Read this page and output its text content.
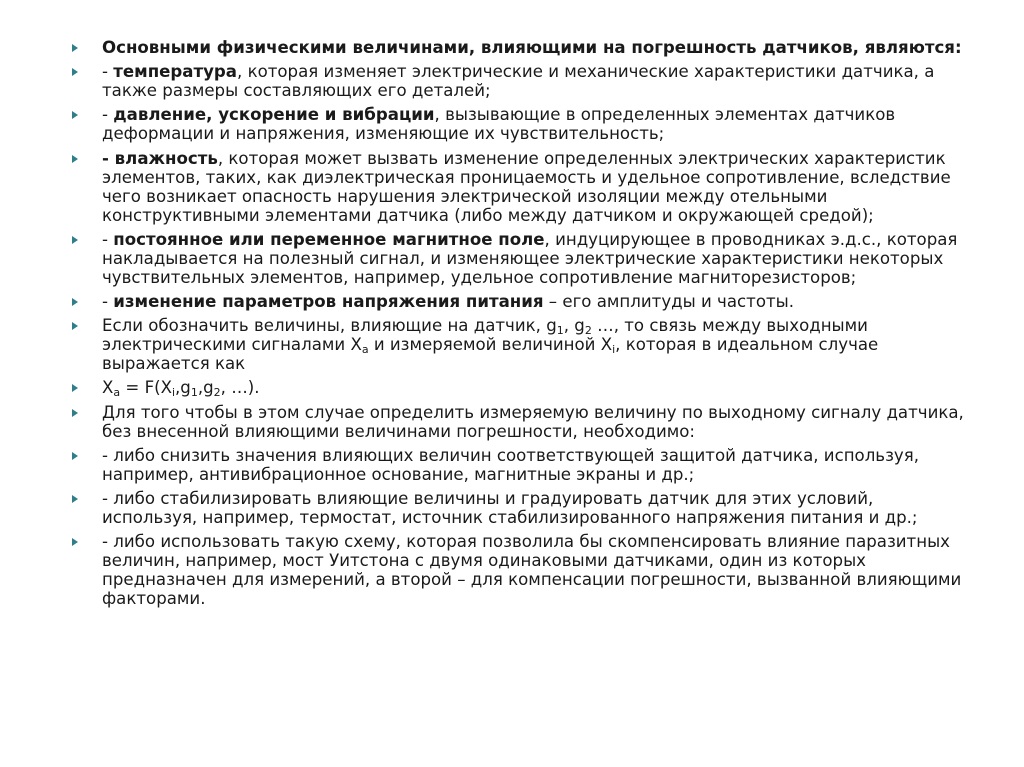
Основными физическими величинами, влияющими на погрешность датчиков, являются:
- температура, которая изменяет электрические и механические характеристики датчика, а также размеры составляющих его деталей;
- давление, ускорение и вибрации, вызывающие в определенных элементах датчиков деформации и напряжения, изменяющие их чувствительность;
- влажность, которая может вызвать изменение определенных электрических характеристик элементов, таких, как диэлектрическая проницаемость и удельное сопротивление, вследствие чего возникает опасность нарушения электрической изоляции между отельными конструктивными элементами датчика (либо между датчиком и окружающей средой);
- постоянное или переменное магнитное поле, индуцирующее в проводниках э.д.с., которая накладывается на полезный сигнал, и изменяющее электрические характеристики некоторых чувствительных элементов, например, удельное сопротивление магниторезисторов;
- изменение параметров напряжения питания – его амплитуды и частоты.
Если обозначить величины, влияющие на датчик, $g_1$, $g_2$ …, то связь между выходными электрическими сигналами $X_a$ и измеряемой величиной $X_i$, которая в идеальном случае выражается как
$X_a = F(X_i,g_1,g_2$, …).
Для того чтобы в этом случае определить измеряемую величину по выходному сигналу датчика, без внесенной влияющими величинами погрешности, необходимо:
- либо снизить значения влияющих величин соответствующей защитой датчика, используя, например, антивибрационное основание, магнитные экраны и др.;
- либо стабилизировать влияющие величины и градуировать датчик для этих условий, используя, например, термостат, источник стабилизированного напряжения питания и др.;
- либо использовать такую схему, которая позволила бы скомпенсировать влияние паразитных величин, например, мост Уитстона с двумя одинаковыми датчиками, один из которых предназначен для измерений, а второй – для компенсации погрешности, вызванной влияющими факторами.
